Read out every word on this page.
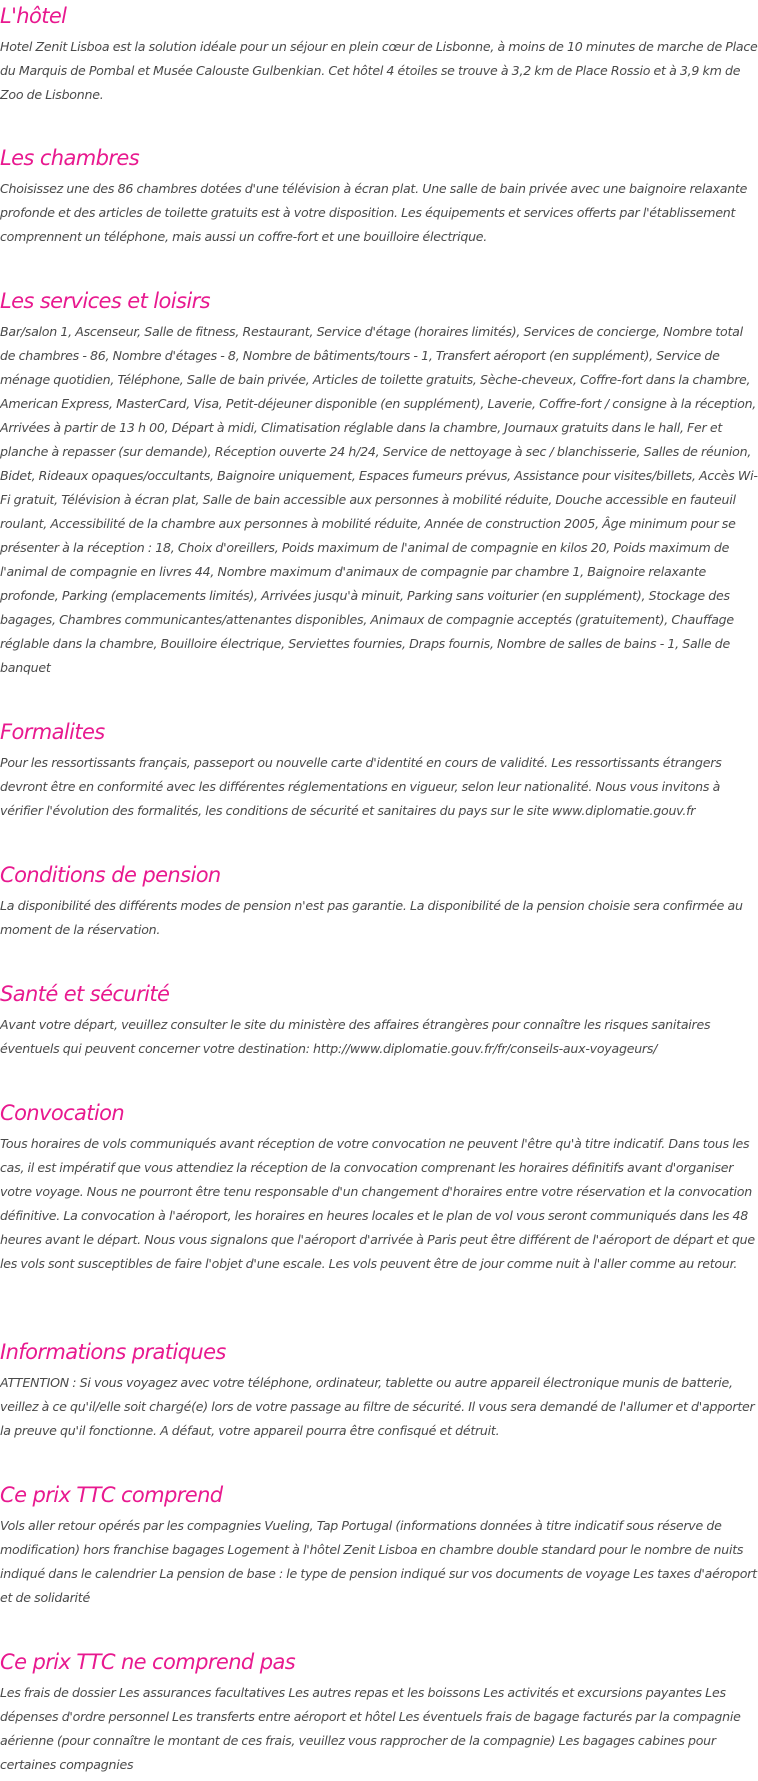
L'hôtel

Hotel Zenit Lisboa est la solution idéale pour un séjour en plein cœur de Lisbonne, à moins de 10 minutes de marche de Place du Marquis de Pombal et Musée Calouste Gulbenkian. Cet hôtel 4 étoiles se trouve à 3,2 km de Place Rossio et à 3,9 km de Zoo de Lisbonne.

Les chambres

Choisissez une des 86 chambres dotées d'une télévision à écran plat. Une salle de bain privée avec une baignoire relaxante profonde et des articles de toilette gratuits est à votre disposition. Les équipements et services offerts par l'établissement comprennent un téléphone, mais aussi un coffre-fort et une bouilloire électrique.

Les services et loisirs

Bar/salon 1, Ascenseur, Salle de fitness, Restaurant, Service d'étage (horaires limités), Services de concierge, Nombre total de chambres - 86, Nombre d'étages - 8, Nombre de bâtiments/tours - 1, Transfert aéroport (en supplément), Service de ménage quotidien, Téléphone, Salle de bain privée, Articles de toilette gratuits, Sèche-cheveux, Coffre-fort dans la chambre, American Express, MasterCard, Visa, Petit-déjeuner disponible (en supplément), Laverie, Coffre-fort / consigne à la réception, Arrivées à partir de 13 h 00, Départ à midi, Climatisation réglable dans la chambre, Journaux gratuits dans le hall, Fer et planche à repasser (sur demande), Réception ouverte 24 h/24, Service de nettoyage à sec / blanchisserie, Salles de réunion, Bidet, Rideaux opaques/occultants, Baignoire uniquement, Espaces fumeurs prévus, Assistance pour visites/billets, Accès Wi-Fi gratuit, Télévision à écran plat, Salle de bain accessible aux personnes à mobilité réduite, Douche accessible en fauteuil roulant, Accessibilité de la chambre aux personnes à mobilité réduite, Année de construction 2005, Âge minimum pour se présenter à la réception : 18, Choix d'oreillers, Poids maximum de l'animal de compagnie en kilos 20, Poids maximum de l'animal de compagnie en livres 44, Nombre maximum d'animaux de compagnie par chambre 1, Baignoire relaxante profonde, Parking (emplacements limités), Arrivées jusqu'à minuit, Parking sans voiturier (en supplément), Stockage des bagages, Chambres communicantes/attenantes disponibles, Animaux de compagnie acceptés (gratuitement), Chauffage réglable dans la chambre, Bouilloire électrique, Serviettes fournies, Draps fournis, Nombre de salles de bains - 1, Salle de banquet

Formalites

Pour les ressortissants français, passeport ou nouvelle carte d'identité en cours de validité. Les ressortissants étrangers devront être en conformité avec les différentes réglementations en vigueur, selon leur nationalité. Nous vous invitons à vérifier l'évolution des formalités, les conditions de sécurité et sanitaires du pays sur le site www.diplomatie.gouv.fr

Conditions de pension

La disponibilité des différents modes de pension n'est pas garantie. La disponibilité de la pension choisie sera confirmée au moment de la réservation.

Santé et sécurité

Avant votre départ, veuillez consulter le site du ministère des affaires étrangères pour connaître les risques sanitaires éventuels qui peuvent concerner votre destination: http://www.diplomatie.gouv.fr/fr/conseils-aux-voyageurs/

Convocation

Tous horaires de vols communiqués avant réception de votre convocation ne peuvent l'être qu'à titre indicatif. Dans tous les cas, il est impératif que vous attendiez la réception de la convocation comprenant les horaires définitifs avant d'organiser votre voyage. Nous ne pourront être tenu responsable d'un changement d'horaires entre votre réservation et la convocation définitive. La convocation à l'aéroport, les horaires en heures locales et le plan de vol vous seront communiqués dans les 48 heures avant le départ. Nous vous signalons que l'aéroport d'arrivée à Paris peut être différent de l'aéroport de départ et que les vols sont susceptibles de faire l'objet d'une escale. Les vols peuvent être de jour comme nuit à l'aller comme au retour.

Informations pratiques

ATTENTION : Si vous voyagez avec votre téléphone, ordinateur, tablette ou autre appareil électronique munis de batterie, veillez à ce qu'il/elle soit chargé(e) lors de votre passage au filtre de sécurité. Il vous sera demandé de l'allumer et d'apporter la preuve qu'il fonctionne. A défaut, votre appareil pourra être confisqué et détruit.

Ce prix TTC comprend

Vols aller retour opérés par les compagnies Vueling, Tap Portugal (informations données à titre indicatif sous réserve de modification) hors franchise bagages Logement à l'hôtel Zenit Lisboa en chambre double standard pour le nombre de nuits indiqué dans le calendrier La pension de base : le type de pension indiqué sur vos documents de voyage Les taxes d'aéroport et de solidarité

Ce prix TTC ne comprend pas

Les frais de dossier Les assurances facultatives Les autres repas et les boissons Les activités et excursions payantes Les dépenses d'ordre personnel Les transferts entre aéroport et hôtel Les éventuels frais de bagage facturés par la compagnie aérienne (pour connaître le montant de ces frais, veuillez vous rapprocher de la compagnie) Les bagages cabines pour certaines compagnies
